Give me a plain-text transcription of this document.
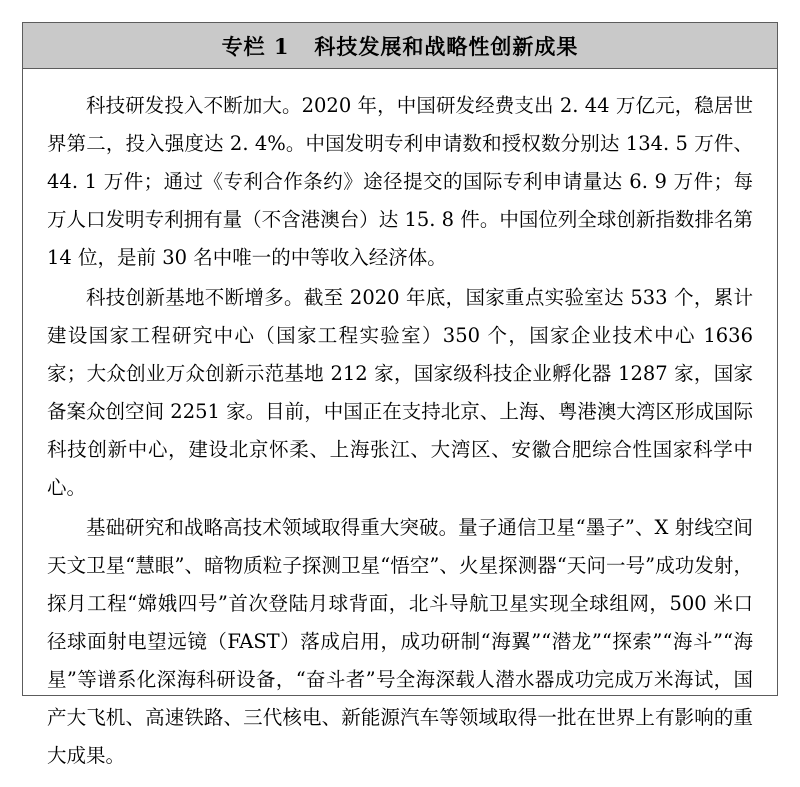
专栏 1   科技发展和战略性创新成果

科技研发投入不断加大。2020 年，中国研发经费支出 2. 44 万亿元，稳居世界第二，投入强度达 2. 4%。中国发明专利申请数和授权数分别达 134. 5 万件、44. 1 万件；通过《专利合作条约》途径提交的国际专利申请量达 6. 9 万件；每万人口发明专利拥有量（不含港澳台）达 15. 8 件。中国位列全球创新指数排名第 14 位，是前 30 名中唯一的中等收入经济体。

科技创新基地不断增多。截至 2020 年底，国家重点实验室达 533 个，累计建设国家工程研究中心（国家工程实验室）350 个，国家企业技术中心 1636 家；大众创业万众创新示范基地 212 家，国家级科技企业孵化器 1287 家，国家备案众创空间 2251 家。目前，中国正在支持北京、上海、粤港澳大湾区形成国际科技创新中心，建设北京怀柔、上海张江、大湾区、安徽合肥综合性国家科学中心。

基础研究和战略高技术领域取得重大突破。量子通信卫星“墨子”、X 射线空间天文卫星“慧眼”、暗物质粒子探测卫星“悟空”、火星探测器“天问一号”成功发射，探月工程“嫦娥四号”首次登陆月球背面，北斗导航卫星实现全球组网，500 米口径球面射电望远镜（FAST）落成启用，成功研制“海翼”“潜龙”“探索”“海斗”“海星”等谱系化深海科研设备，“奋斗者”号全海深载人潜水器成功完成万米海试，国产大飞机、高速铁路、三代核电、新能源汽车等领域取得一批在世界上有影响的重大成果。
